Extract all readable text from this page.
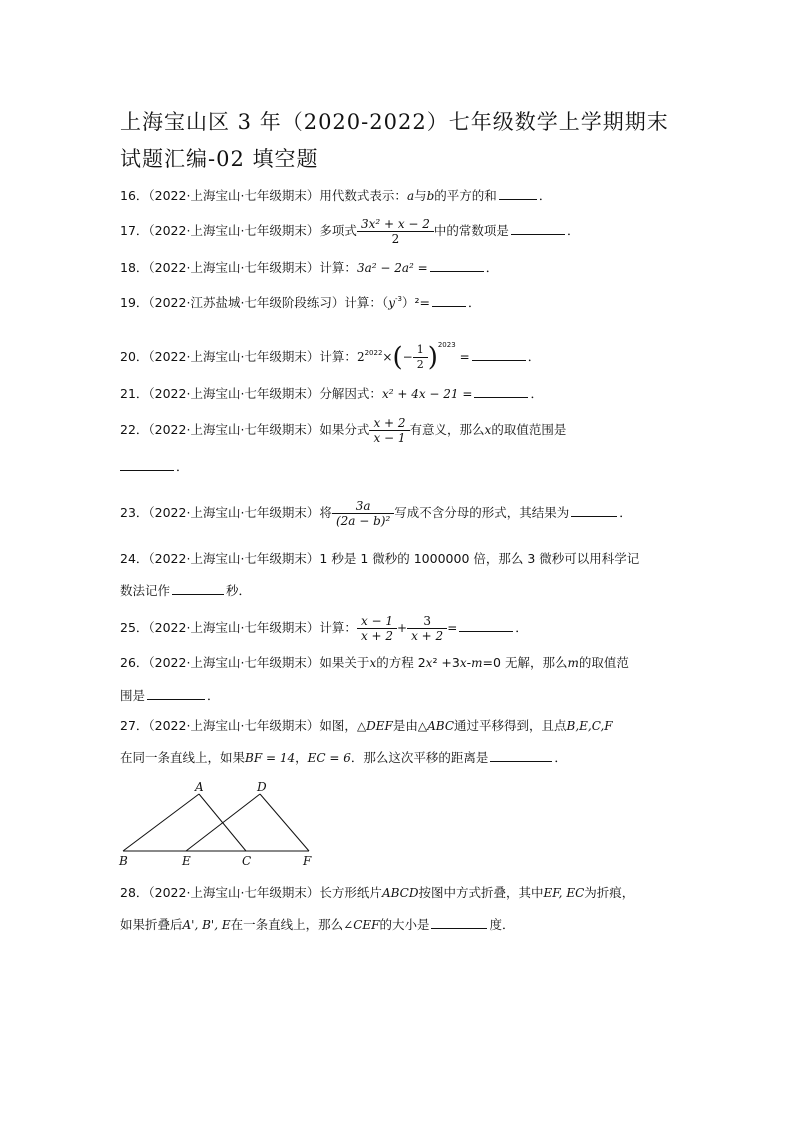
上海宝山区 3 年（2020-2022）七年级数学上学期期末
试题汇编-02 填空题
16．（2022·上海宝山·七年级期末）用代数式表示：a与b的平方的和	．
17．（2022·上海宝山·七年级期末）多项式 $\frac{\text{3x² + x − 2}}{2}$ 中的常数项是	．
18．（2022·上海宝山·七年级期末）计算：3a² − 2a² =	．
19．（2022·江苏盐城·七年级阶段练习）计算：$(y^{-3})^2=$	．
20．（2022·上海宝山·七年级期末）计算：$2^{2022}\times(- \frac{1}{2} )^{2023}$ =	．
21．（2022·上海宝山·七年级期末）分解因式：x² + 4x − 21 =	．
22．（2022·上海宝山·七年级期末）如果分式 $\frac{x + 2}{x - 1}$ 有意义，那么x的取值范围是
．
23．（2022·上海宝山·七年级期末）将 $\frac{3a}{\text{(2a − b)²}}$ 写成不含分母的形式，其结果为	．
24．（2022·上海宝山·七年级期末）1 秒是 1 微秒的 1000000 倍，那么 3 微秒可以用科学记
数法记作	秒．
25．（2022·上海宝山·七年级期末）计算： $\frac{x - 1}{x + 2} + \frac{3}{x + 2}$ =	．
26．（2022·上海宝山·七年级期末）如果关于x的方程 2x² +3x-m=0 无解，那么m的取值范
围是	．
27．（2022·上海宝山·七年级期末）如图，△DEF是由△ABC通过平移得到，且点B,E,C,F
在同一条直线上，如果BF = 14，EC = 6．那么这次平移的距离是	．
A	D
B	E	C	F
28．（2022·上海宝山·七年级期末）长方形纸片ABCD按图中方式折叠，其中EF, EC为折痕，
如果折叠后A', B', E在一条直线上，那么∠CEF的大小是	度．
